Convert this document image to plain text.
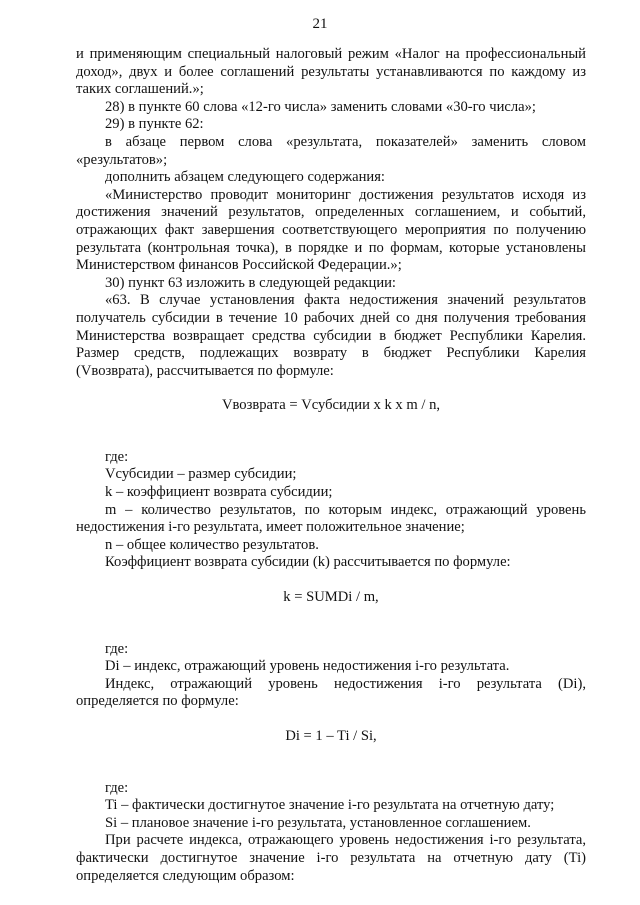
21

и применяющим специальный налоговый режим «Налог на профессиональный доход», двух и более соглашений результаты устанавливаются по каждому из таких соглашений.»;

28) в пункте 60 слова «12-го числа» заменить словами «30-го числа»;

29) в пункте 62:

в абзаце первом слова «результата, показателей» заменить словом «результатов»;

дополнить абзацем следующего содержания:

«Министерство проводит мониторинг достижения результатов исходя из достижения значений результатов, определенных соглашением, и событий, отражающих факт завершения соответствующего мероприятия по получению результата (контрольная точка), в порядке и по формам, которые установлены Министерством финансов Российской Федерации.»;

30) пункт 63 изложить в следующей редакции:

«63. В случае установления факта недостижения значений результатов получатель субсидии в течение 10 рабочих дней со дня получения требования Министерства возвращает средства субсидии в бюджет Республики Карелия. Размер средств, подлежащих возврату в бюджет Республики Карелия (Vвозврата), рассчитывается по формуле:

Vвозврата = Vсубсидии x k x m / n,

где:

Vсубсидии – размер субсидии;

k – коэффициент возврата субсидии;

m – количество результатов, по которым индекс, отражающий уровень недостижения i-го результата, имеет положительное значение;

n – общее количество результатов.

Коэффициент возврата субсидии (k) рассчитывается по формуле:

k = SUMDi / m,

где:

Di – индекс, отражающий уровень недостижения i-го результата.

Индекс, отражающий уровень недостижения i-го результата (Di), определяется по формуле:

Di = 1 – Ti / Si,

где:

Ti – фактически достигнутое значение i-го результата на отчетную дату;

Si – плановое значение i-го результата, установленное соглашением.

При расчете индекса, отражающего уровень недостижения i-го результата, фактически достигнутое значение i-го результата на отчетную дату (Ti) определяется следующим образом:
